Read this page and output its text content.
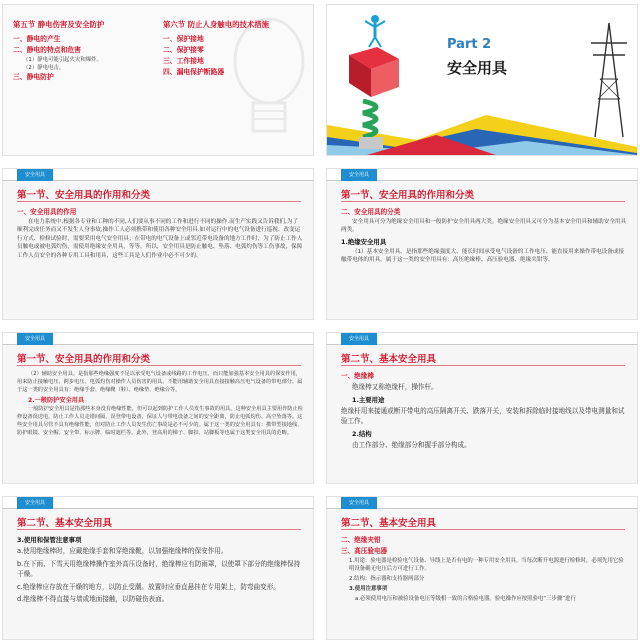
第五节 静电伤害及安全防护
一、静电的产生
二、静电的特点和危害
（1）静电可能引起火灾和爆炸。
（2）静电电击。
三、静电防护
第六节 防止人身触电的技术措施
一、保护接地
二、保护接零
三、工作接地
四、漏电保护断路器
Part 2
安全用具
安全用具
第一节、安全用具的作用和分类
一、安全用具的作用

在电力系统中,根据各专业和工种的不同,人们要从事不同的工作和进行不同的操作.而生产实践又告诉我们,为了顺利完成任务而又不发生人身事故,操作工人必须携带和使用各种安全用具.如对运行中的电气设备进行巡视、改变运行方式、检修试验时，需要采用电气安全用具；在带电的电气设备上或邻近带电设备的地方工作时，为了防止工作人员触电或被电弧灼伤，需使用绝缘安全用具，等等。所以，安全用具是防止触电、坠落、电弧灼伤等工伤事故，保障工作人员安全的各种专用工具和用具，这些工具是人们作业中必不可少的。

安全用具
第一节、安全用具的作用和分类
二、安全用具的分类

安全用具可分为绝缘安全用具和一般防护安全用具两大类。绝缘安全用具又可分为基本安全用具和辅助安全用具两类。

1.绝缘安全用具

（1）基本安全用具。是指那些绝缘强度大、能长时间承受电气设备的工作电压、能直接用来操作带电设备或接触带电体的用具。属于这一类的安全用具有：高压绝缘棒、高压验电器、绝缘夹钳等。

安全用具
第一节、安全用具的作用和分类

（2）辅助安全用具。是指那些绝缘强度不足以承受电气设备或线路的工作电压，而只能加强基本安全用具的保安作用，用来防止接触电压、跨步电压、电弧灼伤对操作人员伤害的用具。不能用辅助安全用具直接接触高压电气设备的带电部分。属于这一类的安全用具有：绝缘手套、绝缘靴（鞋）、绝缘垫、绝缘台等。

2.一般防护安全用具

一般防护安全用具是指那些本身没有绝缘性能，但可以起到防护工作人员发生事故的用具。这种安全用具主要用作防止检修设备误送电，防止工作人员走错间隔、误登带电设备，保证人与带电设备之间的安全距离，防止电弧灼伤、高空坠落等。这些安全用具尽管不具有绝缘性能，但对防止工作人员发生伤亡事故是必不可少的。属于这一类的安全用具有：携带型接地线、防护眼镜、安全帽、安全带、标示牌、临时遮栏等。此外，登高用的梯子、脚扣、站脚板等也属于这类安全用具的范畴。

安全用具
第二节、基本安全用具
一、绝缘棒

绝缘棒又称绝缘杆，操作杆。

1.主要用途

绝缘杆用来接通或断开带电的高压隔离开关、跌落开关，安装和拆除临时接地线以及带电测量和试验工作。

2.结构

由工作部分、绝缘部分和握手部分构成。

安全用具
第二节、基本安全用具
3.使用和保管注意事项

a.使用绝缘棒时，应戴绝缘手套和穿绝缘靴，以加强绝缘棒的保安作用。

b.在下雨、下雪天用绝缘棒操作室外高压设备时，绝缘棒应有防雨罩，以使罩下部分的绝缘棒保持干燥。

c.绝缘棒应存放在干燥的地方，以防止受潮。放置时应垂直悬挂在专用架上，防弯曲变形。

d.绝缘棒不得直接与墙或地面接触，以防碰伤表面。

安全用具
第二节、基本安全用具
二、绝缘夹钳
三、高压验电器

1.用途：验电器是检验电气设备、导线上是否有电的一种专用安全用具。当每次断开电源进行检修时，必须先用它验明设备确无电压后方可进行工作。

2.结构：指示器和支持器两部分

3.使用注意事项

a.必须使用电压和被验设备电压等级相一致的合格验电器。验电操作应按照验电“三步骤”进行
